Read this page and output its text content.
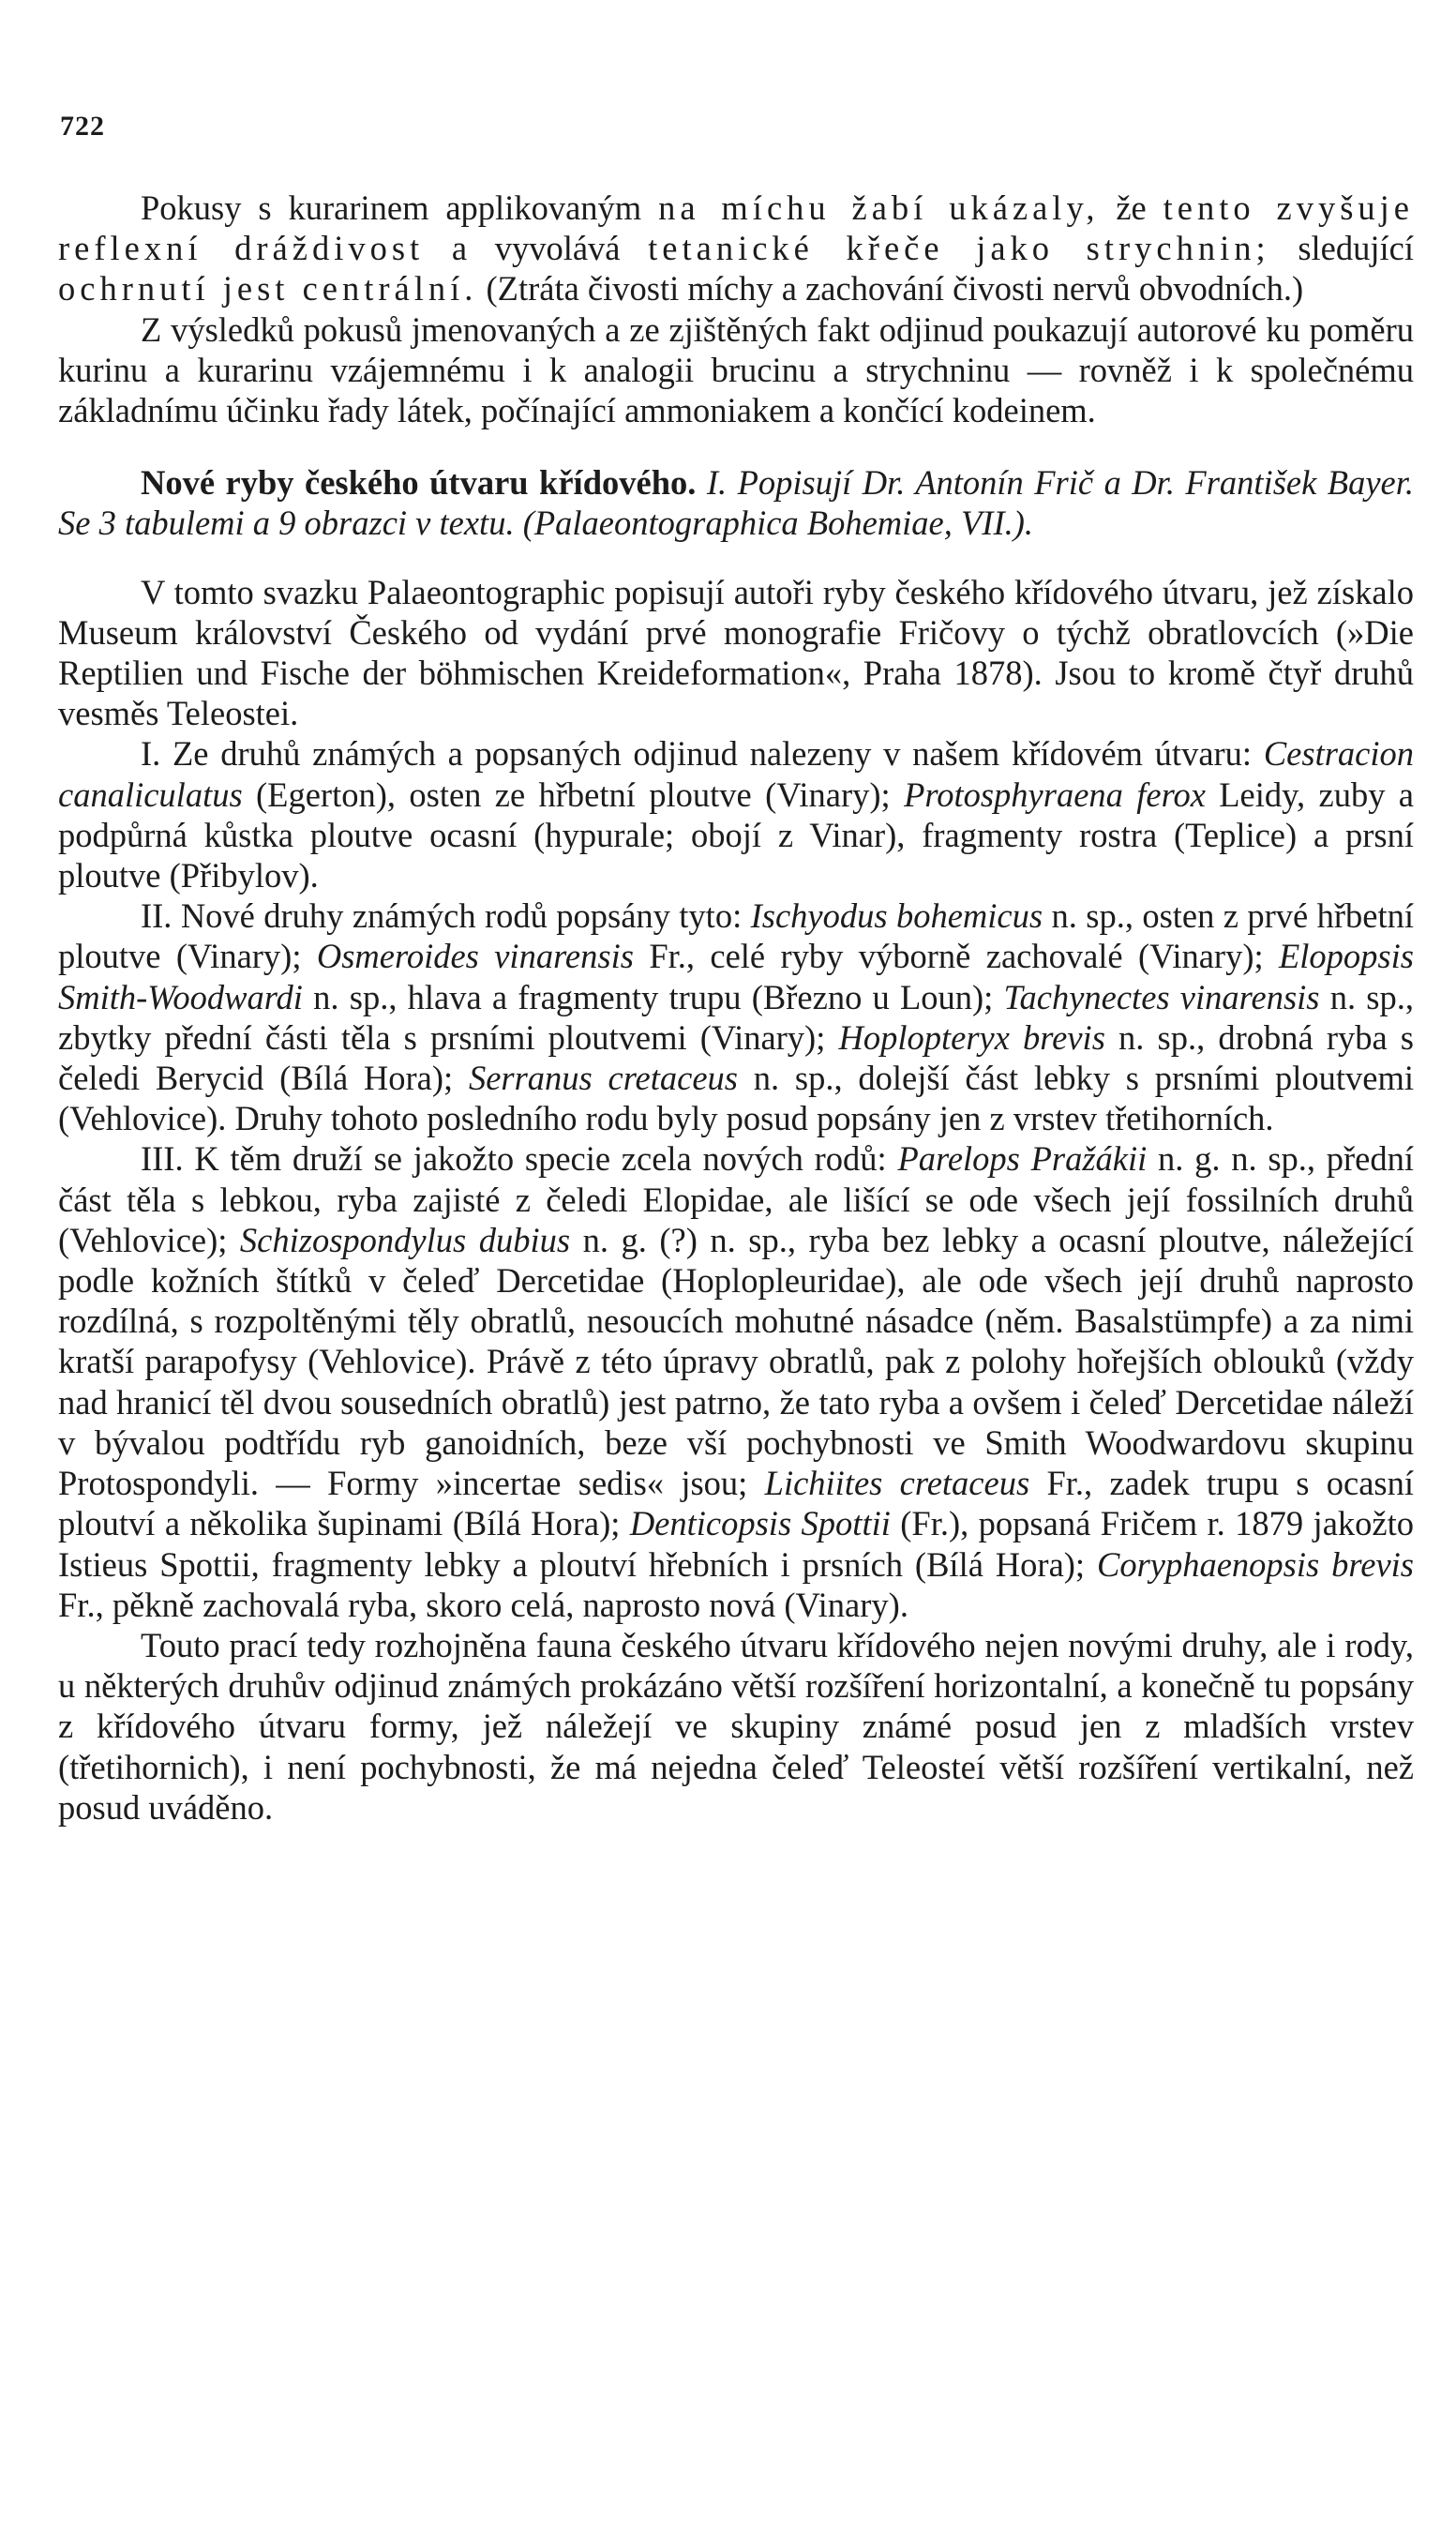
722

Pokusy s kurarinem applikovaným na míchu žabí ukázaly, že tento zvyšuje reflexní dráždivost a vyvolává tetanické křeče jako strychnin; sledující ochrnutí jest centrální. (Ztráta čivosti míchy a zachování čivosti nervů obvodních.)

Z výsledků pokusů jmenovaných a ze zjištěných fakt odjinud poukazují autorové ku poměru kurinu a kurarinu vzájemnému i k analogii brucinu a strychninu — rovněž i k společnému základnímu účinku řady látek, počínající ammoniakem a končící kodeinem.

Nové ryby českého útvaru křídového. I. Popisují Dr. Antonín Frič a Dr. František Bayer. Se 3 tabulemi a 9 obrazci v textu. (Palaeontographica Bohemiae, VII.).

V tomto svazku Palaeontographic popisují autoři ryby českého křídového útvaru, jež získalo Museum království Českého od vydání prvé monografie Fričovy o týchž obratlovcích (»Die Reptilien und Fische der böhmischen Kreideformation«, Praha 1878). Jsou to kromě čtyř druhů vesměs Teleostei.

I. Ze druhů známých a popsaných odjinud nalezeny v našem křídovém útvaru: Cestracion canaliculatus (Egerton), osten ze hřbetní ploutve (Vinary); Protosphyraena ferox Leidy, zuby a podpůrná kůstka ploutve ocasní (hypurale; obojí z Vinar), fragmenty rostra (Teplice) a prsní ploutve (Přibylov).

II. Nové druhy známých rodů popsány tyto: Ischyodus bohemicus n. sp., osten z prvé hřbetní ploutve (Vinary); Osmeroides vinarensis Fr., celé ryby výborně zachovalé (Vinary); Elopopsis Smith-Woodwardi n. sp., hlava a fragmenty trupu (Březno u Loun); Tachynectes vinarensis n. sp., zbytky přední části těla s prsními ploutvemi (Vinary); Hoplopteryx brevis n. sp., drobná ryba s čeledi Berycid (Bílá Hora); Serranus cretaceus n. sp., dolejší část lebky s prsními ploutvemi (Vehlovice). Druhy tohoto posledního rodu byly posud popsány jen z vrstev třetihorních.

III. K těm druží se jakožto specie zcela nových rodů: Parelops Pražákii n. g. n. sp., přední část těla s lebkou, ryba zajisté z čeledi Elopidae, ale lišící se ode všech její fossilních druhů (Vehlovice); Schizospondylus dubius n. g. (?) n. sp., ryba bez lebky a ocasní ploutve, náležející podle kožních štítků v čeleď Dercetidae (Hoplopleuridae), ale ode všech její druhů naprosto rozdílná, s rozpoltěnými těly obratlů, nesoucích mohutné násadce (něm. Basalstümpfe) a za nimi kratší parapofysy (Vehlovice). Právě z této úpravy obratlů, pak z polohy hořejších oblouků (vždy nad hranicí těl dvou sousedních obratlů) jest patrno, že tato ryba a ovšem i čeleď Dercetidae náleží v bývalou podtřídu ryb ganoidních, beze vší pochybnosti ve Smith Woodwardovu skupinu Protospondyli. — Formy »incertae sedis« jsou; Lichiites cretaceus Fr., zadek trupu s ocasní ploutví a několika šupinami (Bílá Hora); Denticopsis Spottii (Fr.), popsaná Fričem r. 1879 jakožto Istieus Spottii, fragmenty lebky a ploutví hřebních i prsních (Bílá Hora); Coryphaenopsis brevis Fr., pěkně zachovalá ryba, skoro celá, naprosto nová (Vinary).

Touto prací tedy rozhojněna fauna českého útvaru křídového nejen novými druhy, ale i rody, u některých druhův odjinud známých prokázáno větší rozšíření horizontalní, a konečně tu popsány z křídového útvaru formy, jež náležejí ve skupiny známé posud jen z mladších vrstev (třetihornich), i není pochybnosti, že má nejedna čeleď Teleosteí větší rozšíření vertikalní, než posud uváděno.
